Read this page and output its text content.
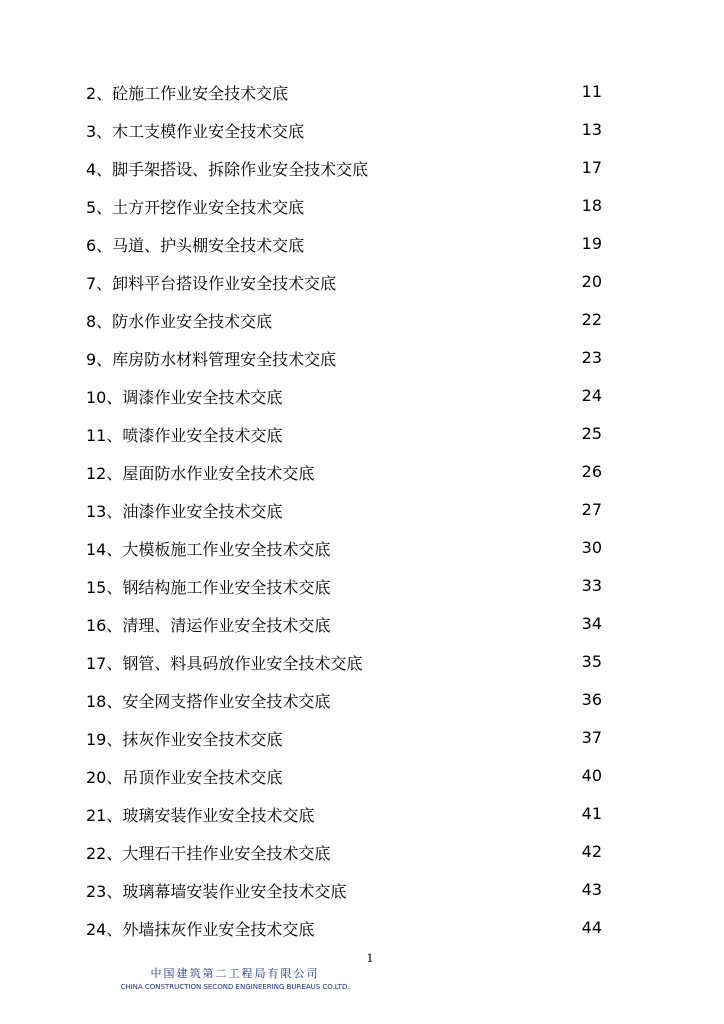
2、砼施工作业安全技术交底	11
3、木工支模作业安全技术交底	13
4、脚手架搭设、拆除作业安全技术交底	17
5、土方开挖作业安全技术交底	18
6、马道、护头棚安全技术交底	19
7、卸料平台搭设作业安全技术交底	20
8、防水作业安全技术交底	22
9、库房防水材料管理安全技术交底	23
10、调漆作业安全技术交底	24
11、喷漆作业安全技术交底	25
12、屋面防水作业安全技术交底	26
13、油漆作业安全技术交底	27
14、大模板施工作业安全技术交底	30
15、钢结构施工作业安全技术交底	33
16、清理、清运作业安全技术交底	34
17、钢管、料具码放作业安全技术交底	35
18、安全网支搭作业安全技术交底	36
19、抹灰作业安全技术交底	37
20、吊顶作业安全技术交底	40
21、玻璃安装作业安全技术交底	41
22、大理石干挂作业安全技术交底	42
23、玻璃幕墙安装作业安全技术交底	43
24、外墙抹灰作业安全技术交底	44
1
中国建筑第二工程局有限公司
CHINA CONSTRUCTION SECOND ENGINEERING BUREAUS CO.LTD.
